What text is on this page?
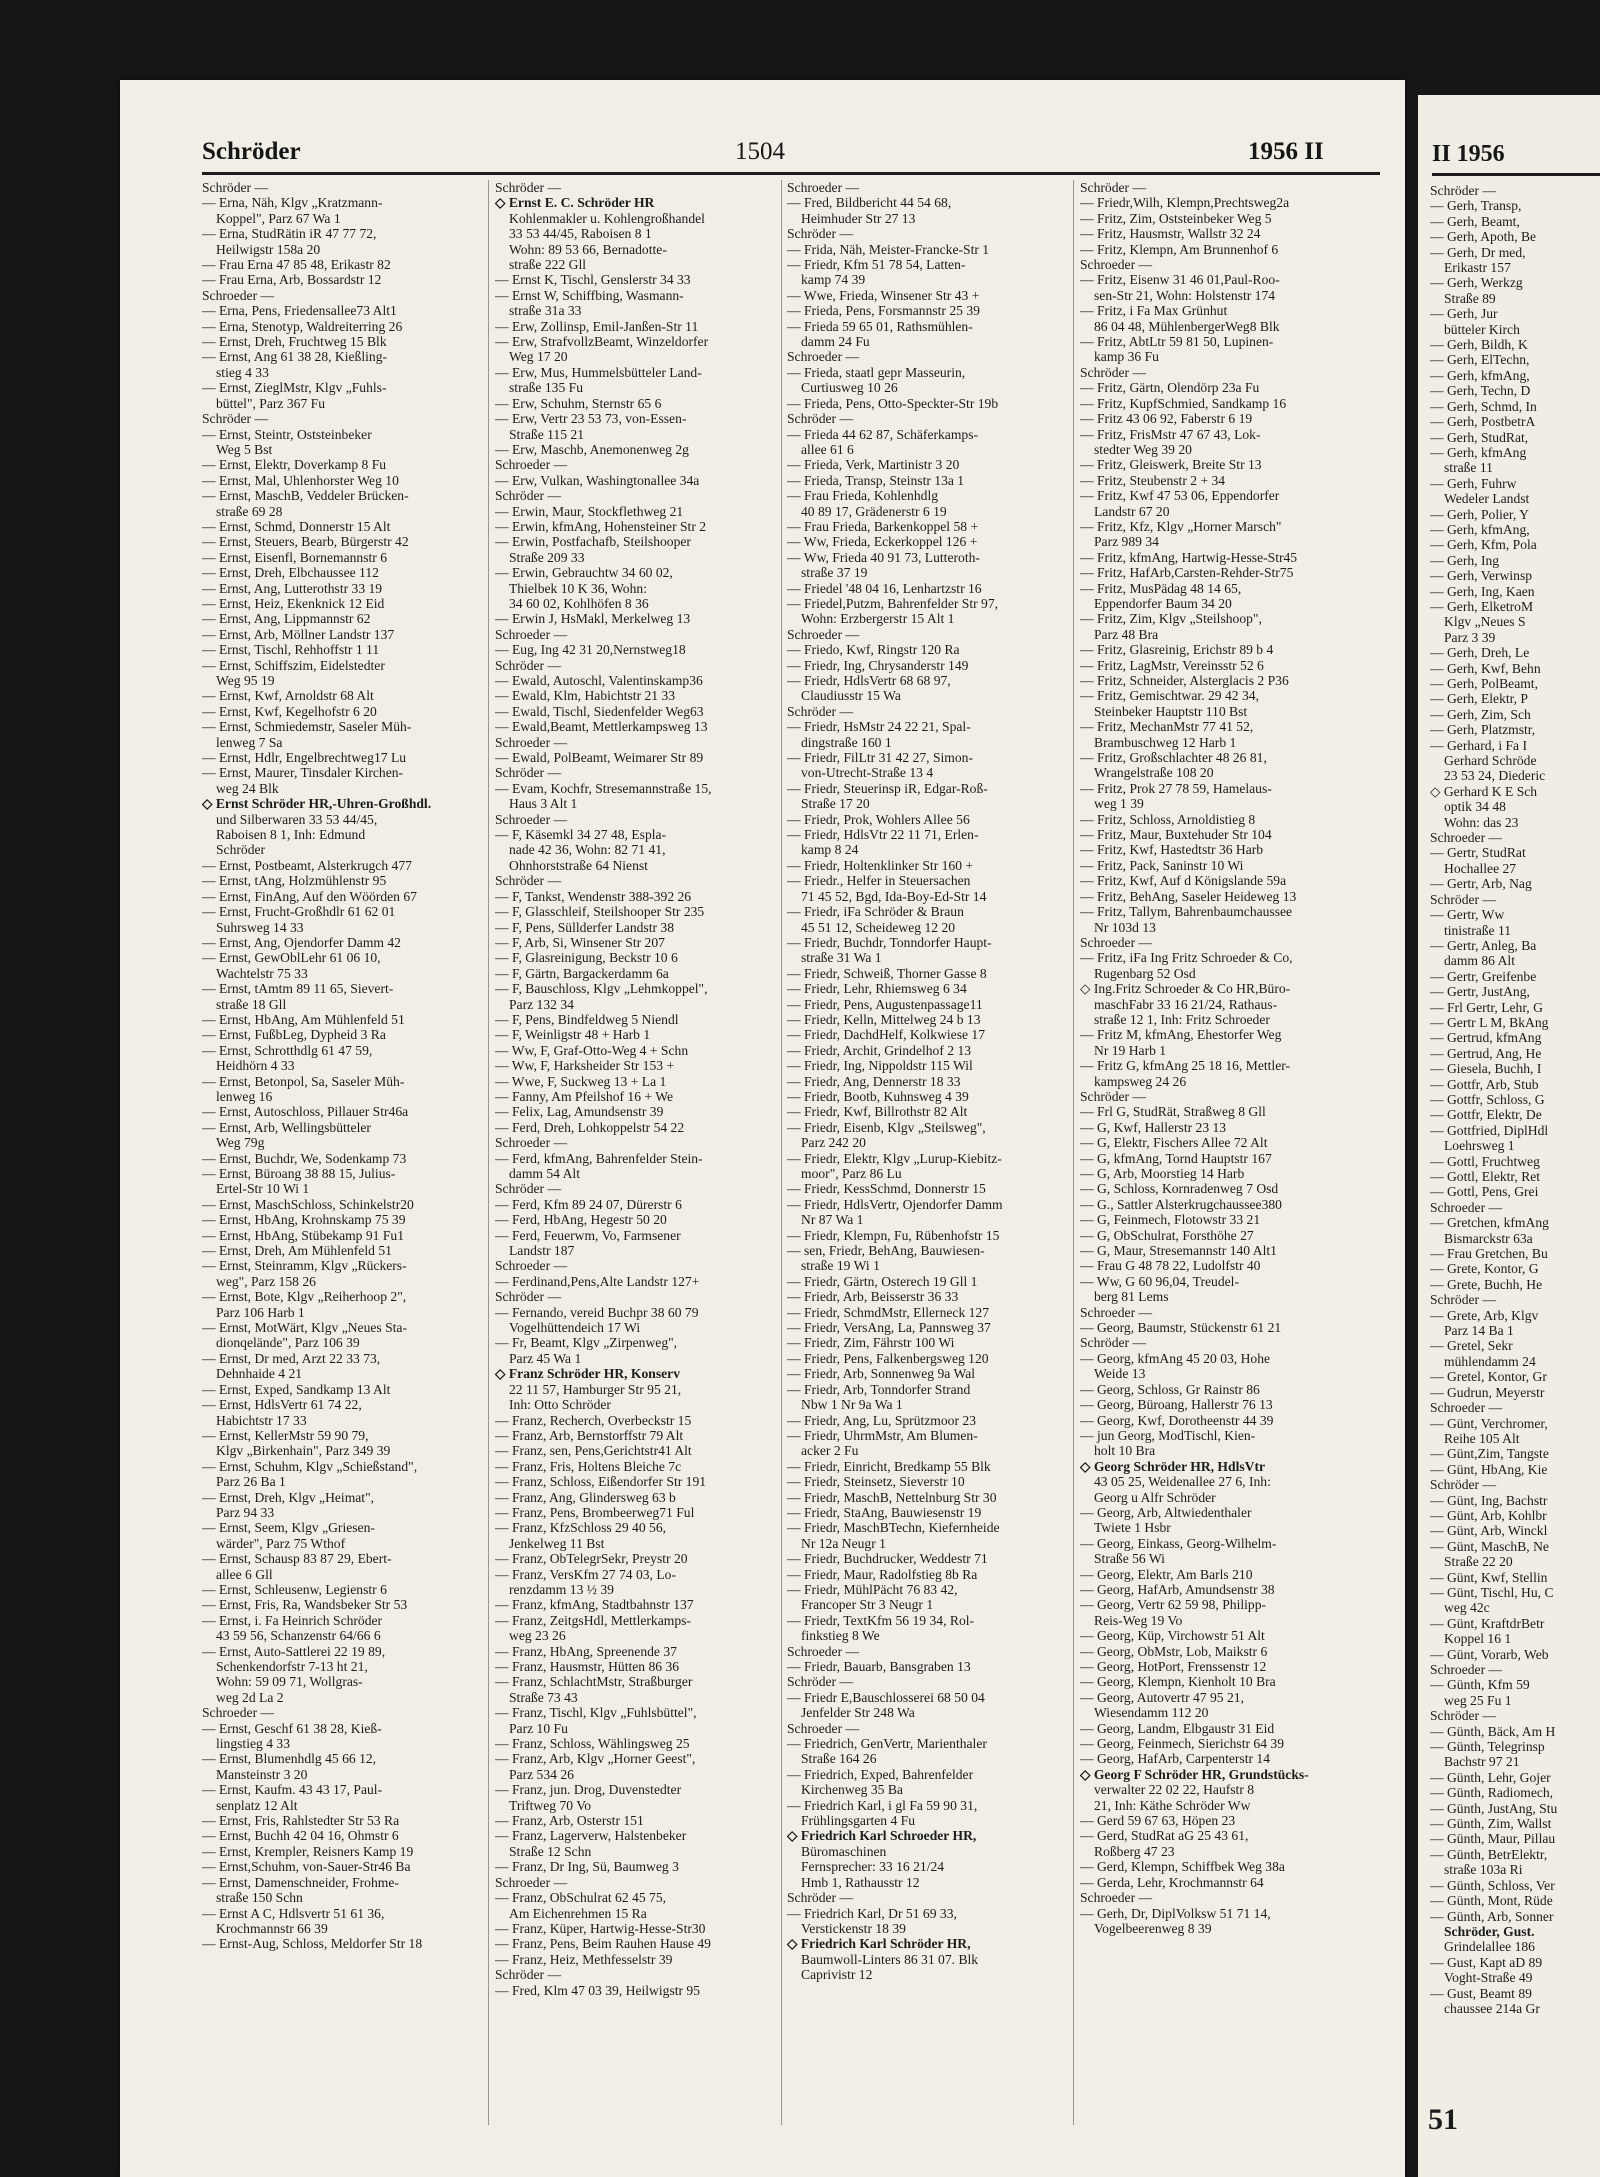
Schröder	1504	1956 II
Schröder —
— Erna, Näh, Klgv „Kratzmann-
Koppel", Parz 67 Wa 1
— Erna, StudRätin iR 47 77 72,
Heilwigstr 158a 20
— Frau Erna 47 85 48, Erikastr 82
— Frau Erna, Arb, Bossardstr 12
Schroeder —
— Erna, Pens, Friedensallee73 Alt1
— Erna, Stenotyp, Waldreiterring 26
— Ernst, Dreh, Fruchtweg 15 Blk
— Ernst, Ang 61 38 28, Kießling-
stieg 4 33
— Ernst, ZieglMstr, Klgv „Fuhls-
büttel", Parz 367 Fu
Schröder —
— Ernst, Steintr, Oststeinbeker
Weg 5 Bst
— Ernst, Elektr, Doverkamp 8 Fu
— Ernst, Mal, Uhlenhorster Weg 10
— Ernst, MaschB, Veddeler Brücken-
straße 69 28
— Ernst, Schmd, Donnerstr 15 Alt
— Ernst, Steuers, Bearb, Bürgerstr 42
— Ernst, Eisenfl, Bornemannstr 6
— Ernst, Dreh, Elbchaussee 112
— Ernst, Ang, Lutterothstr 33 19
— Ernst, Heiz, Ekenknick 12 Eid
— Ernst, Ang, Lippmannstr 62
— Ernst, Arb, Möllner Landstr 137
— Ernst, Tischl, Rehhoffstr 1 11
— Ernst, Schiffszim, Eidelstedter
Weg 95 19
— Ernst, Kwf, Arnoldstr 68 Alt
— Ernst, Kwf, Kegelhofstr 6 20
— Ernst, Schmiedemstr, Saseler Müh-
lenweg 7 Sa
— Ernst, Hdlr, Engelbrechtweg17 Lu
— Ernst, Maurer, Tinsdaler Kirchen-
weg 24 Blk
◇ Ernst Schröder HR,-Uhren-Großhdl.
und Silberwaren 33 53 44/45,
Raboisen 8 1, Inh: Edmund
Schröder
— Ernst, Postbeamt, Alsterkrugch 477
— Ernst, tAng, Holzmühlenstr 95
— Ernst, FinAng, Auf den Wöörden 67
— Ernst, Frucht-Großhdlr 61 62 01
Suhrsweg 14 33
— Ernst, Ang, Ojendorfer Damm 42
— Ernst, GewOblLehr 61 06 10,
Wachtelstr 75 33
— Ernst, tAmtm 89 11 65, Sievert-
straße 18 Gll
— Ernst, HbAng, Am Mühlenfeld 51
— Ernst, FußbLeg, Dypheid 3 Ra
— Ernst, Schrotthdlg 61 47 59,
Heidhörn 4 33
— Ernst, Betonpol, Sa, Saseler Müh-
lenweg 16
— Ernst, Autoschloss, Pillauer Str46a
— Ernst, Arb, Wellingsbütteler
Weg 79g
— Ernst, Buchdr, We, Sodenkamp 73
— Ernst, Büroang 38 88 15, Julius-
Ertel-Str 10 Wi 1
— Ernst, MaschSchloss, Schinkelstr20
— Ernst, HbAng, Krohnskamp 75 39
— Ernst, HbAng, Stübekamp 91 Fu1
— Ernst, Dreh, Am Mühlenfeld 51
— Ernst, Steinramm, Klgv „Rückers-
weg", Parz 158 26
— Ernst, Bote, Klgv „Reiherhoop 2",
Parz 106 Harb 1
— Ernst, MotWärt, Klgv „Neues Sta-
dionqelände", Parz 106 39
— Ernst, Dr med, Arzt 22 33 73,
Dehnhaide 4 21
— Ernst, Exped, Sandkamp 13 Alt
— Ernst, HdlsVertr 61 74 22,
Habichtstr 17 33
— Ernst, KellerMstr 59 90 79,
Klgv „Birkenhain", Parz 349 39
— Ernst, Schuhm, Klgv „Schießstand",
Parz 26 Ba 1
— Ernst, Dreh, Klgv „Heimat",
Parz 94 33
— Ernst, Seem, Klgv „Griesen-
wärder", Parz 75 Wthof
— Ernst, Schausp 83 87 29, Ebert-
allee 6 Gll
— Ernst, Schleusenw, Legienstr 6
— Ernst, Fris, Ra, Wandsbeker Str 53
— Ernst, i. Fa Heinrich Schröder
43 59 56, Schanzenstr 64/66 6
— Ernst, Auto-Sattlerei 22 19 89,
Schenkendorfstr 7-13 ht 21,
Wohn: 59 09 71, Wollgras-
weg 2d La 2
Schroeder —
— Ernst, Geschf 61 38 28, Kieß-
lingstieg 4 33
— Ernst, Blumenhdlg 45 66 12,
Mansteinstr 3 20
— Ernst, Kaufm. 43 43 17, Paul-
senplatz 12 Alt
— Ernst, Fris, Rahlstedter Str 53 Ra
— Ernst, Buchh 42 04 16, Ohmstr 6
— Ernst, Krempler, Reisners Kamp 19
— Ernst,Schuhm, von-Sauer-Str46 Ba
— Ernst, Damenschneider, Frohme-
straße 150 Schn
— Ernst A C, Hdlsvertr 51 61 36,
Krochmannstr 66 39
— Ernst-Aug, Schloss, Meldorfer Str 18
Schröder —
◇ Ernst E. C. Schröder HR
Kohlenmakler u. Kohlengroßhandel
33 53 44/45, Raboisen 8 1
Wohn: 89 53 66, Bernadotte-
straße 222 Gll
— Ernst K, Tischl, Genslerstr 34 33
— Ernst W, Schiffbing, Wasmann-
straße 31a 33
— Erw, Zollinsp, Emil-Janßen-Str 11
— Erw, StrafvollzBeamt, Winzeldorfer
Weg 17 20
— Erw, Mus, Hummelsbütteler Land-
straße 135 Fu
— Erw, Schuhm, Sternstr 65 6
— Erw, Vertr 23 53 73, von-Essen-
Straße 115 21
— Erw, Maschb, Anemonenweg 2g
Schroeder —
— Erw, Vulkan, Washingtonallee 34a
Schröder —
— Erwin, Maur, Stockflethweg 21
— Erwin, kfmAng, Hohensteiner Str 2
— Erwin, Postfachafb, Steilshooper
Straße 209 33
— Erwin, Gebrauchtw 34 60 02,
Thielbek 10 K 36, Wohn:
34 60 02, Kohlhöfen 8 36
— Erwin J, HsMakl, Merkelweg 13
Schroeder —
— Eug, Ing 42 31 20,Nernstweg18
Schröder —
— Ewald, Autoschl, Valentinskamp36
— Ewald, Klm, Habichtstr 21 33
— Ewald, Tischl, Siedenfelder Weg63
— Ewald,Beamt, Mettlerkampsweg 13
Schroeder —
— Ewald, PolBeamt, Weimarer Str 89
Schröder —
— Evam, Kochfr, Stresemannstraße 15,
Haus 3 Alt 1
Schroeder —
— F, Käsemkl 34 27 48, Espla-
nade 42 36, Wohn: 82 71 41,
Ohnhorststraße 64 Nienst
Schröder —
— F, Tankst, Wendenstr 388-392 26
— F, Glasschleif, Steilshooper Str 235
— F, Pens, Süllderfer Landstr 38
— F, Arb, Si, Winsener Str 207
— F, Glasreinigung, Beckstr 10 6
— F, Gärtn, Bargackerdamm 6a
— F, Bauschloss, Klgv „Lehmkoppel",
Parz 132 34
— F, Pens, Bindfeldweg 5 Niendl
— F, Weinligstr 48 + Harb 1
— Ww, F, Graf-Otto-Weg 4 + Schn
— Ww, F, Harksheider Str 153 +
— Wwe, F, Suckweg 13 + La 1
— Fanny, Am Pfeilshof 16 + We
— Felix, Lag, Amundsenstr 39
— Ferd, Dreh, Lohkoppelstr 54 22
Schroeder —
— Ferd, kfmAng, Bahrenfelder Stein-
damm 54 Alt
Schröder —
— Ferd, Kfm 89 24 07, Dürerstr 6
— Ferd, HbAng, Hegestr 50 20
— Ferd, Feuerwm, Vo, Farmsener
Landstr 187
Schroeder —
— Ferdinand,Pens,Alte Landstr 127+
Schröder —
— Fernando, vereid Buchpr 38 60 79
Vogelhüttendeich 17 Wi
— Fr, Beamt, Klgv „Zirpenweg",
Parz 45 Wa 1
◇ Franz Schröder HR, Konserv
22 11 57, Hamburger Str 95 21,
Inh: Otto Schröder
— Franz, Recherch, Overbeckstr 15
— Franz, Arb, Bernstorffstr 79 Alt
— Franz, sen, Pens,Gerichtstr41 Alt
— Franz, Fris, Holtens Bleiche 7c
— Franz, Schloss, Eißendorfer Str 191
— Franz, Ang, Glindersweg 63 b
— Franz, Pens, Brombeerweg71 Ful
— Franz, KfzSchloss 29 40 56,
Jenkelweg 11 Bst
— Franz, ObTelegrSekr, Preystr 20
— Franz, VersKfm 27 74 03, Lo-
renzdamm 13 ½ 39
— Franz, kfmAng, Stadtbahnstr 137
— Franz, ZeitgsHdl, Mettlerkamps-
weg 23 26
— Franz, HbAng, Spreenende 37
— Franz, Hausmstr, Hütten 86 36
— Franz, SchlachtMstr, Straßburger
Straße 73 43
— Franz, Tischl, Klgv „Fuhlsbüttel",
Parz 10 Fu
— Franz, Schloss, Wählingsweg 25
— Franz, Arb, Klgv „Horner Geest",
Parz 534 26
— Franz, jun. Drog, Duvenstedter
Triftweg 70 Vo
— Franz, Arb, Osterstr 151
— Franz, Lagerverw, Halstenbeker
Straße 12 Schn
— Franz, Dr Ing, Sü, Baumweg 3
Schroeder —
— Franz, ObSchulrat 62 45 75,
Am Eichenrehmen 15 Ra
— Franz, Küper, Hartwig-Hesse-Str30
— Franz, Pens, Beim Rauhen Hause 49
— Franz, Heiz, Methfesselstr 39
Schröder —
— Fred, Klm 47 03 39, Heilwigstr 95
Schroeder —
— Fred, Bildbericht 44 54 68,
Heimhuder Str 27 13
Schröder —
— Frida, Näh, Meister-Francke-Str 1
— Friedr, Kfm 51 78 54, Latten-
kamp 74 39
— Wwe, Frieda, Winsener Str 43 +
— Frieda, Pens, Forsmannstr 25 39
— Frieda 59 65 01, Rathsmühlen-
damm 24 Fu
Schroeder —
— Frieda, staatl gepr Masseurin,
Curtiusweg 10 26
— Frieda, Pens, Otto-Speckter-Str 19b
Schröder —
— Frieda 44 62 87, Schäferkamps-
allee 61 6
— Frieda, Verk, Martinistr 3 20
— Frieda, Transp, Steinstr 13a 1
— Frau Frieda, Kohlenhdlg
40 89 17, Grädenerstr 6 19
— Frau Frieda, Barkenkoppel 58 +
— Ww, Frieda, Eckerkoppel 126 +
— Ww, Frieda 40 91 73, Lutteroth-
straße 37 19
— Friedel '48 04 16, Lenhartzstr 16
— Friedel,Putzm, Bahrenfelder Str 97,
Wohn: Erzbergerstr 15 Alt 1
Schroeder —
— Friedo, Kwf, Ringstr 120 Ra
— Friedr, Ing, Chrysanderstr 149
— Friedr, HdlsVertr 68 68 97,
Claudiusstr 15 Wa
Schröder —
— Friedr, HsMstr 24 22 21, Spal-
dingstraße 160 1
— Friedr, FilLtr 31 42 27, Simon-
von-Utrecht-Straße 13 4
— Friedr, Steuerinsp iR, Edgar-Roß-
Straße 17 20
— Friedr, Prok, Wohlers Allee 56
— Friedr, HdlsVtr 22 11 71, Erlen-
kamp 8 24
— Friedr, Holtenklinker Str 160 +
— Friedr., Helfer in Steuersachen
71 45 52, Bgd, Ida-Boy-Ed-Str 14
— Friedr, iFa Schröder & Braun
45 51 12, Scheideweg 12 20
— Friedr, Buchdr, Tonndorfer Haupt-
straße 31 Wa 1
— Friedr, Schweiß, Thorner Gasse 8
— Friedr, Lehr, Rhiemsweg 6 34
— Friedr, Pens, Augustenpassage11
— Friedr, Kelln, Mittelweg 24 b 13
— Friedr, DachdHelf, Kolkwiese 17
— Friedr, Archit, Grindelhof 2 13
— Friedr, Ing, Nippoldstr 115 Wil
— Friedr, Ang, Dennerstr 18 33
— Friedr, Bootb, Kuhnsweg 4 39
— Friedr, Kwf, Billrothstr 82 Alt
— Friedr, Eisenb, Klgv „Steilsweg",
Parz 242 20
— Friedr, Elektr, Klgv „Lurup-Kiebitz-
moor", Parz 86 Lu
— Friedr, KessSchmd, Donnerstr 15
— Friedr, HdlsVertr, Ojendorfer Damm
Nr 87 Wa 1
— Friedr, Klempn, Fu, Rübenhofstr 15
— sen, Friedr, BehAng, Bauwiesen-
straße 19 Wi 1
— Friedr, Gärtn, Osterech 19 Gll 1
— Friedr, Arb, Beisserstr 36 33
— Friedr, SchmdMstr, Ellerneck 127
— Friedr, VersAng, La, Pannsweg 37
— Friedr, Zim, Fährstr 100 Wi
— Friedr, Pens, Falkenbergsweg 120
— Friedr, Arb, Sonnenweg 9a Wal
— Friedr, Arb, Tonndorfer Strand
Nbw 1 Nr 9a Wa 1
— Friedr, Ang, Lu, Sprützmoor 23
— Friedr, UhrmMstr, Am Blumen-
acker 2 Fu
— Friedr, Einricht, Bredkamp 55 Blk
— Friedr, Steinsetz, Sieverstr 10
— Friedr, MaschB, Nettelnburg Str 30
— Friedr, StaAng, Bauwiesenstr 19
— Friedr, MaschBTechn, Kiefernheide
Nr 12a Neugr 1
— Friedr, Buchdrucker, Weddestr 71
— Friedr, Maur, Radolfstieg 8b Ra
— Friedr, MühlPächt 76 83 42,
Francoper Str 3 Neugr 1
— Friedr, TextKfm 56 19 34, Rol-
finkstieg 8 We
Schroeder —
— Friedr, Bauarb, Bansgraben 13
Schröder —
— Friedr E,Bauschlosserei 68 50 04
Jenfelder Str 248 Wa
Schroeder —
— Friedrich, GenVertr, Marienthaler
Straße 164 26
— Friedrich, Exped, Bahrenfelder
Kirchenweg 35 Ba
— Friedrich Karl, i gl Fa 59 90 31,
Frühlingsgarten 4 Fu
◇ Friedrich Karl Schroeder HR,
Büromaschinen
Fernsprecher: 33 16 21/24
Hmb 1, Rathausstr 12
Schröder —
— Friedrich Karl, Dr 51 69 33,
Verstickenstr 18 39
◇ Friedrich Karl Schröder HR,
Baumwoll-Linters 86 31 07. Blk
Caprivistr 12
Schröder —
— Friedr,Wilh, Klempn,Prechtsweg2a
— Fritz, Zim, Oststeinbeker Weg 5
— Fritz, Hausmstr, Wallstr 32 24
— Fritz, Klempn, Am Brunnenhof 6
Schroeder —
— Fritz, Eisenw 31 46 01,Paul-Roo-
sen-Str 21, Wohn: Holstenstr 174
— Fritz, i Fa Max Grünhut
86 04 48, MühlenbergerWeg8 Blk
— Fritz, AbtLtr 59 81 50, Lupinen-
kamp 36 Fu
Schröder —
— Fritz, Gärtn, Olendörp 23a Fu
— Fritz, KupfSchmied, Sandkamp 16
— Fritz 43 06 92, Faberstr 6 19
— Fritz, FrisMstr 47 67 43, Lok-
stedter Weg 39 20
— Fritz, Gleiswerk, Breite Str 13
— Fritz, Steubenstr 2 + 34
— Fritz, Kwf 47 53 06, Eppendorfer
Landstr 67 20
— Fritz, Kfz, Klgv „Horner Marsch"
Parz 989 34
— Fritz, kfmAng, Hartwig-Hesse-Str45
— Fritz, HafArb,Carsten-Rehder-Str75
— Fritz, MusPädag 48 14 65,
Eppendorfer Baum 34 20
— Fritz, Zim, Klgv „Steilshoop",
Parz 48 Bra
— Fritz, Glasreinig, Erichstr 89 b 4
— Fritz, LagMstr, Vereinsstr 52 6
— Fritz, Schneider, Alsterglacis 2 P36
— Fritz, Gemischtwar. 29 42 34,
Steinbeker Hauptstr 110 Bst
— Fritz, MechanMstr 77 41 52,
Brambuschweg 12 Harb 1
— Fritz, Großschlachter 48 26 81,
Wrangelstraße 108 20
— Fritz, Prok 27 78 59, Hamelaus-
weg 1 39
— Fritz, Schloss, Arnoldistieg 8
— Fritz, Maur, Buxtehuder Str 104
— Fritz, Kwf, Hastedtstr 36 Harb
— Fritz, Pack, Saninstr 10 Wi
— Fritz, Kwf, Auf d Königslande 59a
— Fritz, BehAng, Saseler Heideweg 13
— Fritz, Tallym, Bahrenbaumchaussee
Nr 103d 13
Schroeder —
— Fritz, iFa Ing Fritz Schroeder & Co,
Rugenbarg 52 Osd
◇ Ing.Fritz Schroeder & Co HR,Büro-
maschFabr 33 16 21/24, Rathaus-
straße 12 1, Inh: Fritz Schroeder
— Fritz M, kfmAng, Ehestorfer Weg
Nr 19 Harb 1
— Fritz G, kfmAng 25 18 16, Mettler-
kampsweg 24 26
Schröder —
— Frl G, StudRät, Straßweg 8 Gll
— G, Kwf, Hallerstr 23 13
— G, Elektr, Fischers Allee 72 Alt
— G, kfmAng, Tornd Hauptstr 167
— G, Arb, Moorstieg 14 Harb
— G, Schloss, Kornradenweg 7 Osd
— G., Sattler Alsterkrugchaussee380
— G, Feinmech, Flotowstr 33 21
— G, ObSchulrat, Forsthöhe 27
— G, Maur, Stresemannstr 140 Alt1
— Frau G 48 78 22, Ludolfstr 40
— Ww, G 60 96,04, Treudel-
berg 81 Lems
Schroeder —
— Georg, Baumstr, Stückenstr 61 21
Schröder —
— Georg, kfmAng 45 20 03, Hohe
Weide 13
— Georg, Schloss, Gr Rainstr 86
— Georg, Büroang, Hallerstr 76 13
— Georg, Kwf, Dorotheenstr 44 39
— jun Georg, ModTischl, Kien-
holt 10 Bra
◇ Georg Schröder HR, HdlsVtr
43 05 25, Weidenallee 27 6, Inh:
Georg u Alfr Schröder
— Georg, Arb, Altwiedenthaler
Twiete 1 Hsbr
— Georg, Einkass, Georg-Wilhelm-
Straße 56 Wi
— Georg, Elektr, Am Barls 210
— Georg, HafArb, Amundsenstr 38
— Georg, Vertr 62 59 98, Philipp-
Reis-Weg 19 Vo
— Georg, Küp, Virchowstr 51 Alt
— Georg, ObMstr, Lob, Maikstr 6
— Georg, HotPort, Frenssenstr 12
— Georg, Klempn, Kienholt 10 Bra
— Georg, Autovertr 47 95 21,
Wiesendamm 112 20
— Georg, Landm, Elbgaustr 31 Eid
— Georg, Feinmech, Sierichstr 64 39
— Georg, HafArb, Carpenterstr 14
◇ Georg F Schröder HR, Grundstücks-
verwalter 22 02 22, Haufstr 8
21, Inh: Käthe Schröder Ww
— Gerd 59 67 63, Höpen 23
— Gerd, StudRat aG 25 43 61,
Roßberg 47 23
— Gerd, Klempn, Schiffbek Weg 38a
— Gerda, Lehr, Krochmannstr 64
Schroeder —
— Gerh, Dr, DiplVolksw 51 71 14,
Vogelbeerenweg 8 39
II 1956
Schröder —
— Gerh, Transp,
— Gerh, Beamt,
— Gerh, Apoth, Be
— Gerh, Dr med,
Erikastr 157
— Gerh, Werkzg
Straße 89
— Gerh, Jur
bütteler Kirch
— Gerh, Bildh, K
— Gerh, ElTechn,
— Gerh, kfmAng,
— Gerh, Techn, D
— Gerh, Schmd, In
— Gerh, PostbetrA
— Gerh, StudRat,
— Gerh, kfmAng
straße 11
— Gerh, Fuhrw
Wedeler Landst
— Gerh, Polier, Y
— Gerh, kfmAng,
— Gerh, Kfm, Pola
— Gerh, Ing
— Gerh, Verwinsp
— Gerh, Ing, Kaen
— Gerh, ElketroM
Klgv „Neues S
Parz 3 39
— Gerh, Dreh, Le
— Gerh, Kwf, Behn
— Gerh, PolBeamt,
— Gerh, Elektr, P
— Gerh, Zim, Sch
— Gerh, Platzmstr,
— Gerhard, i Fa I
Gerhard Schröde
23 53 24, Diederic
◇ Gerhard K E Sch
optik 34 48
Wohn: das 23
Schroeder —
— Gertr, StudRat
Hochallee 27
— Gertr, Arb, Nag
Schröder —
— Gertr, Ww
tinistraße 11
— Gertr, Anleg, Ba
damm 86 Alt
— Gertr, Greifenbe
— Gertr, JustAng,
— Frl Gertr, Lehr, G
— Gertr L M, BkAng
— Gertrud, kfmAng
— Gertrud, Ang, He
— Giesela, Buchh, I
— Gottfr, Arb, Stub
— Gottfr, Schloss, G
— Gottfr, Elektr, De
— Gottfried, DiplHdl
Loehrsweg 1
— Gottl, Fruchtweg
— Gottl, Elektr, Ret
— Gottl, Pens, Grei
Schroeder —
— Gretchen, kfmAng
Bismarckstr 63a
— Frau Gretchen, Bu
— Grete, Kontor, G
— Grete, Buchh, He
Schröder —
— Grete, Arb, Klgv
Parz 14 Ba 1
— Gretel, Sekr
mühlendamm 24
— Gretel, Kontor, Gr
— Gudrun, Meyerstr
Schroeder —
— Günt, Verchromer,
Reihe 105 Alt
— Günt,Zim, Tangste
— Günt, HbAng, Kie
Schröder —
— Günt, Ing, Bachstr
— Günt, Arb, Kohlbr
— Günt, Arb, Winckl
— Günt, MaschB, Ne
Straße 22 20
— Günt, Kwf, Stellin
— Günt, Tischl, Hu, C
weg 42c
— Günt, KraftdrBetr
Koppel 16 1
— Günt, Vorarb, Web
Schroeder —
— Günth, Kfm 59
weg 25 Fu 1
Schröder —
— Günth, Bäck, Am H
— Günth, Telegrinsp
Bachstr 97 21
— Günth, Lehr, Gojer
— Günth, Radiomech,
— Günth, JustAng, Stu
— Günth, Zim, Wallst
— Günth, Maur, Pillau
— Günth, BetrElektr,
straße 103a Ri
— Günth, Schloss, Ver
— Günth, Mont, Rüde
— Günth, Arb, Sonner
Schröder, Gust.
Grindelallee 186
— Gust, Kapt aD 89
Voght-Straße 49
— Gust, Beamt 89
chaussee 214a Gr
51
